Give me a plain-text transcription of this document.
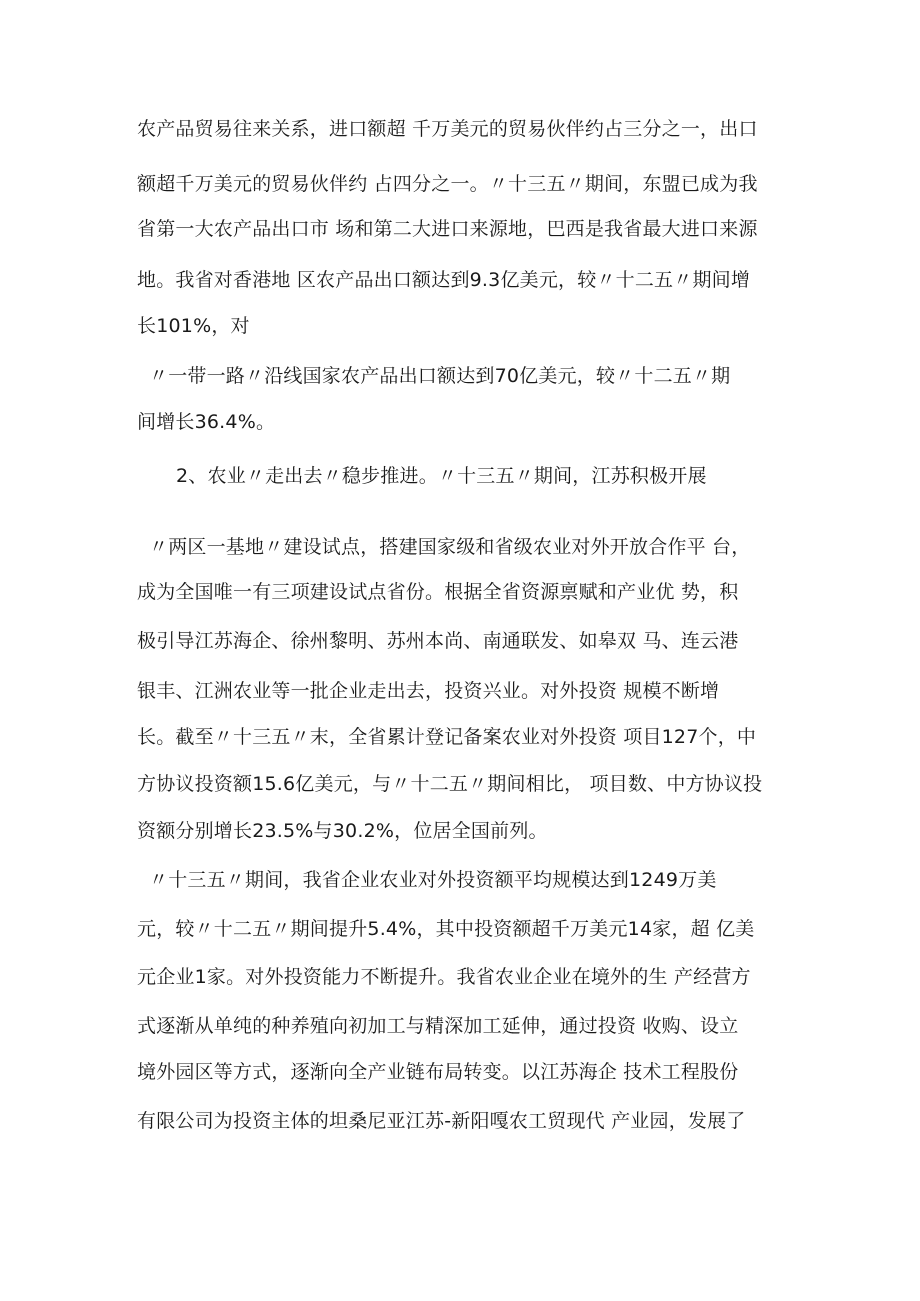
农产品贸易往来关系，进口额超 千万美元的贸易伙伴约占三分之一，出口
额超千万美元的贸易伙伴约 占四分之一。〃十三五〃期间，东盟已成为我
省第一大农产品出口市 场和第二大进口来源地，巴西是我省最大进口来源
地。我省对香港地 区农产品出口额达到9.3亿美元，较〃十二五〃期间增
长101%，对
〃一带一路〃沿线国家农产品出口额达到70亿美元，较〃十二五〃期
间增长36.4%。
2、农业〃走出去〃稳步推进。〃十三五〃期间，江苏积极开展
〃两区一基地〃建设试点，搭建国家级和省级农业对外开放合作平 台，
成为全国唯一有三项建设试点省份。根据全省资源禀赋和产业优 势，积
极引导江苏海企、徐州黎明、苏州本尚、南通联发、如皋双 马、连云港
银丰、江洲农业等一批企业走出去，投资兴业。对外投资 规模不断增
长。截至〃十三五〃末，全省累计登记备案农业对外投资 项目127个，中
方协议投资额15.6亿美元，与〃十二五〃期间相比， 项目数、中方协议投
资额分别增长23.5%与30.2%，位居全国前列。
〃十三五〃期间，我省企业农业对外投资额平均规模达到1249万美
元，较〃十二五〃期间提升5.4%，其中投资额超千万美元14家，超 亿美
元企业1家。对外投资能力不断提升。我省农业企业在境外的生 产经营方
式逐渐从单纯的种养殖向初加工与精深加工延伸，通过投资 收购、设立
境外园区等方式，逐渐向全产业链布局转变。以江苏海企 技术工程股份
有限公司为投资主体的坦桑尼亚江苏-新阳嘎农工贸现代 产业园，发展了
